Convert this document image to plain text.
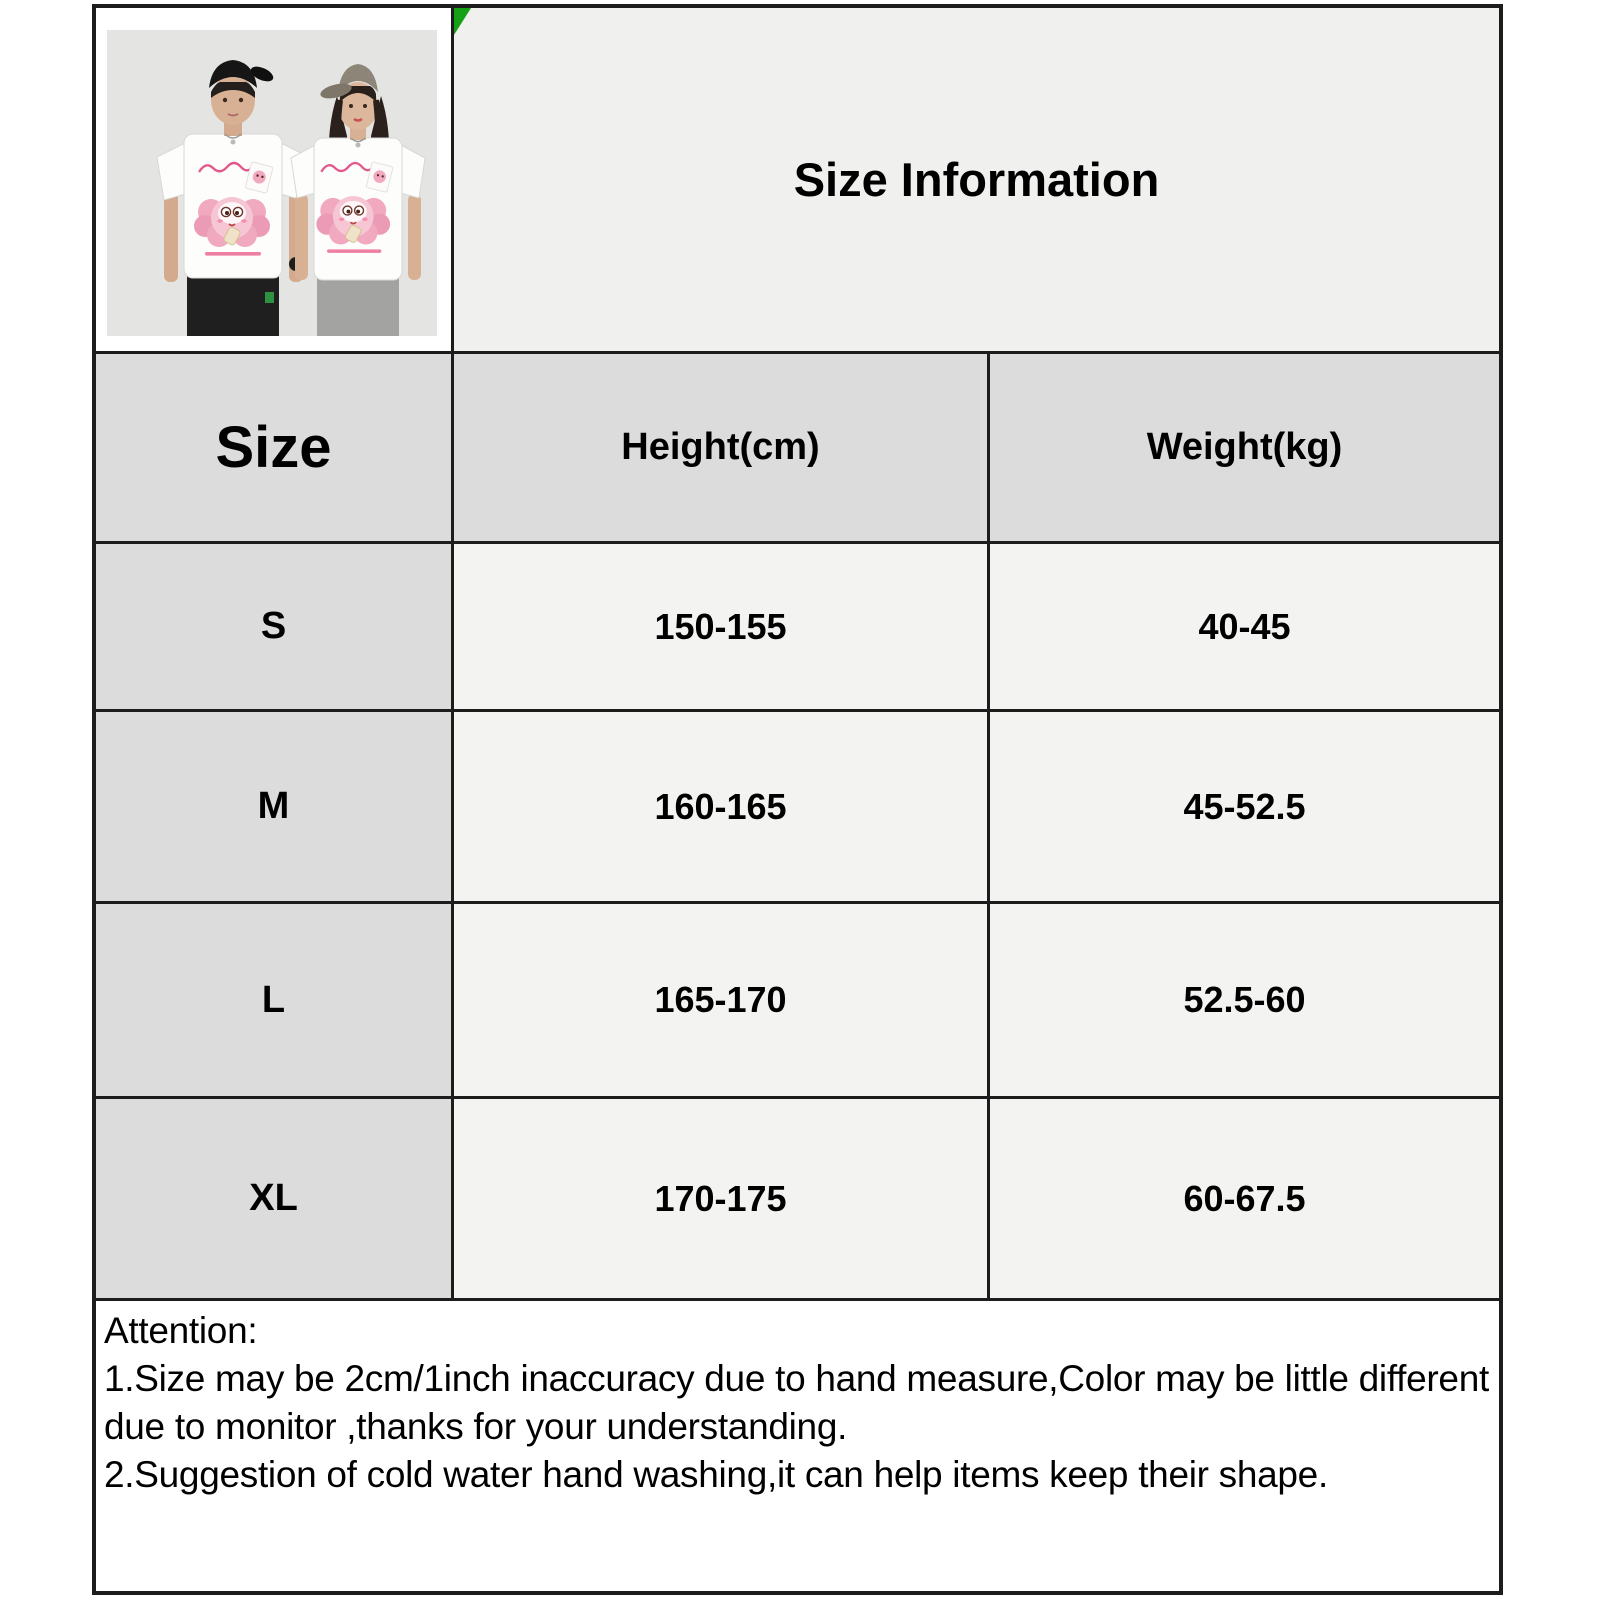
Size Information
Size	Height(cm)	Weight(kg)
S	150-155	40-45
M	160-165	45-52.5
L	165-170	52.5-60
XL	170-175	60-67.5

Attention:

1.Size may be 2cm/1inch inaccuracy due to hand measure,Color may be little different due to monitor ,thanks for your understanding.

2.Suggestion of cold water hand washing,it can help items keep their shape.
